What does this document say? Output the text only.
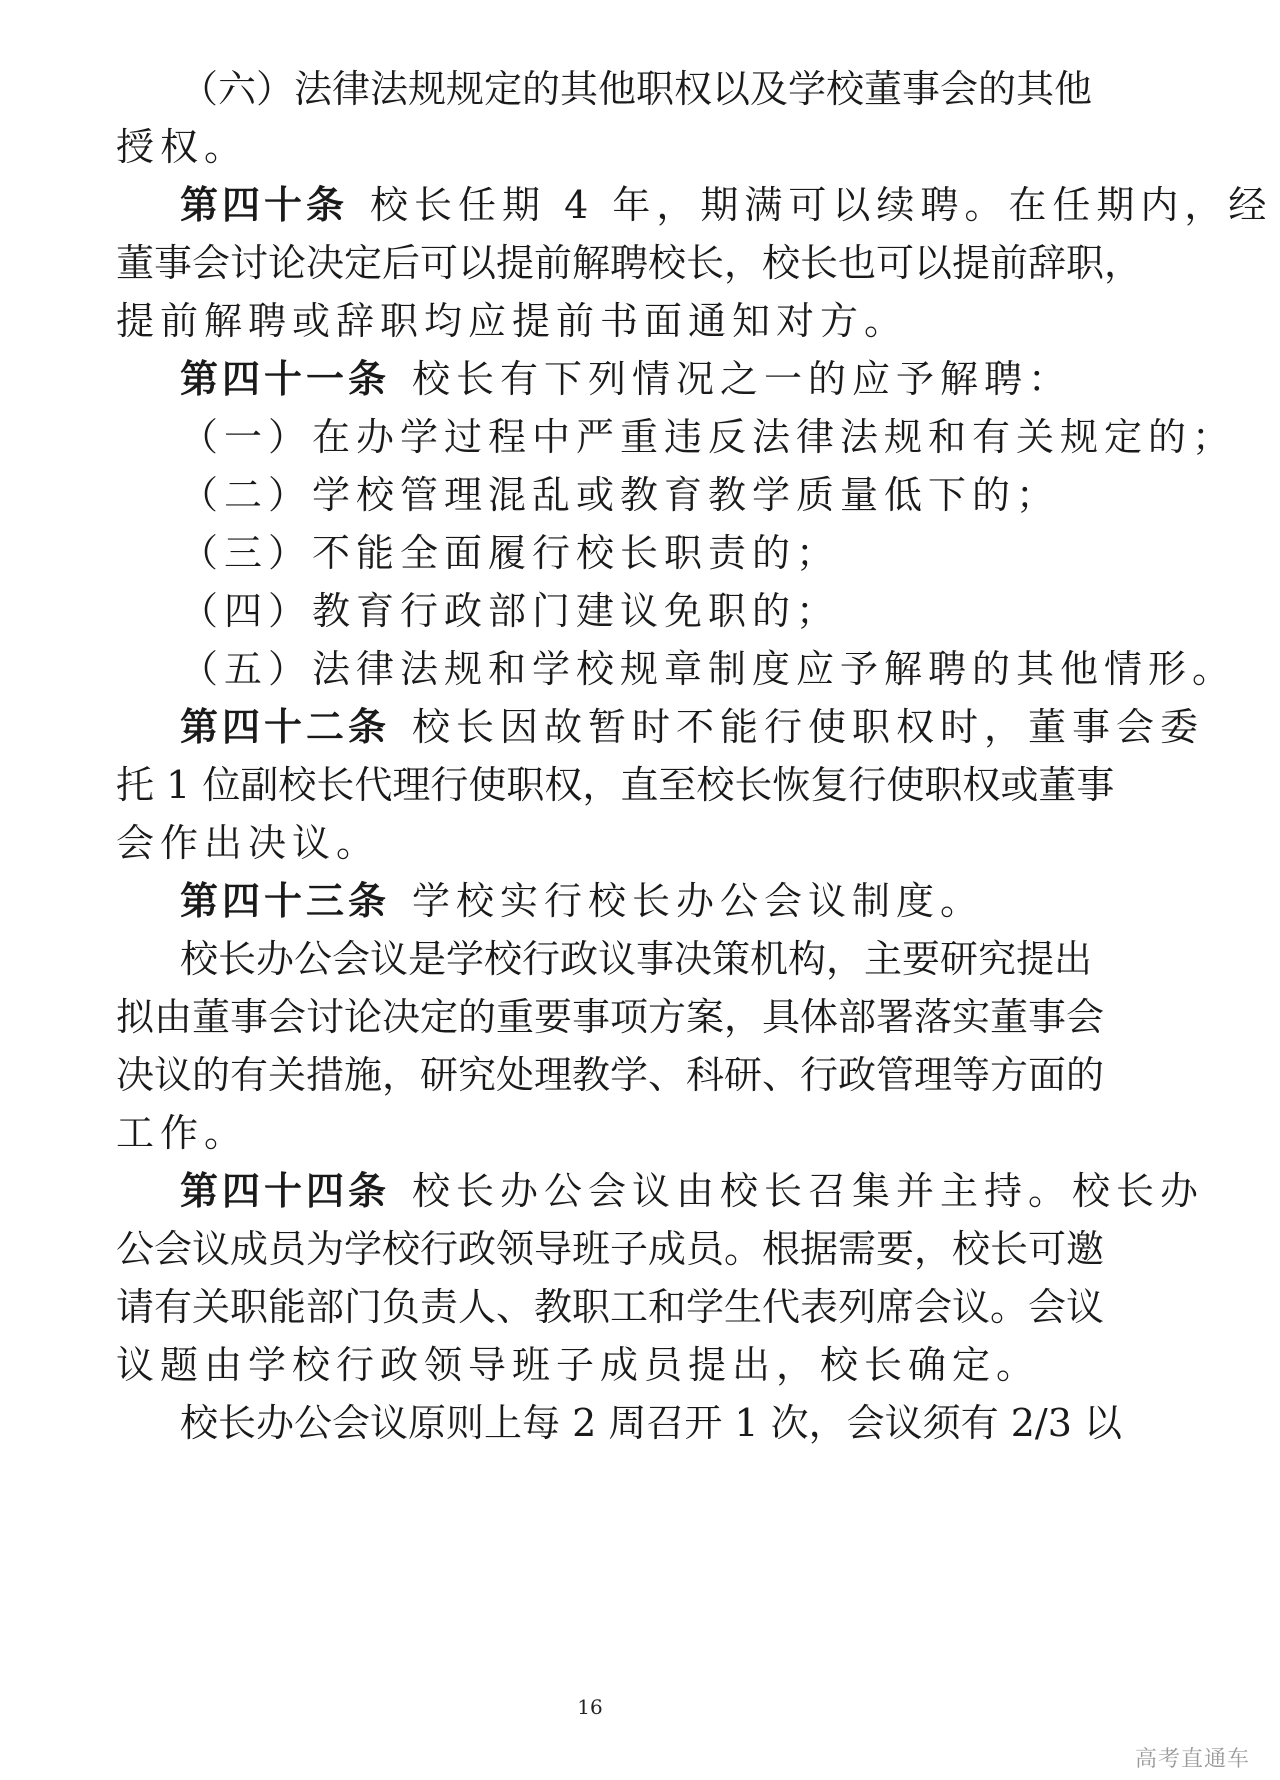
（六）法律法规规定的其他职权以及学校董事会的其他
授权。
第四十条 校长任期 4 年，期满可以续聘。在任期内，经
董事会讨论决定后可以提前解聘校长，校长也可以提前辞职，
提前解聘或辞职均应提前书面通知对方。
第四十一条 校长有下列情况之一的应予解聘：
（一）在办学过程中严重违反法律法规和有关规定的；
（二）学校管理混乱或教育教学质量低下的；
（三）不能全面履行校长职责的；
（四）教育行政部门建议免职的；
（五）法律法规和学校规章制度应予解聘的其他情形。
第四十二条 校长因故暂时不能行使职权时，董事会委
托 1 位副校长代理行使职权，直至校长恢复行使职权或董事
会作出决议。
第四十三条 学校实行校长办公会议制度。
校长办公会议是学校行政议事决策机构，主要研究提出
拟由董事会讨论决定的重要事项方案，具体部署落实董事会
决议的有关措施，研究处理教学、科研、行政管理等方面的
工作。
第四十四条 校长办公会议由校长召集并主持。校长办
公会议成员为学校行政领导班子成员。根据需要，校长可邀
请有关职能部门负责人、教职工和学生代表列席会议。会议
议题由学校行政领导班子成员提出，校长确定。
校长办公会议原则上每 2 周召开 1 次，会议须有 2/3 以
16
高考直通车
